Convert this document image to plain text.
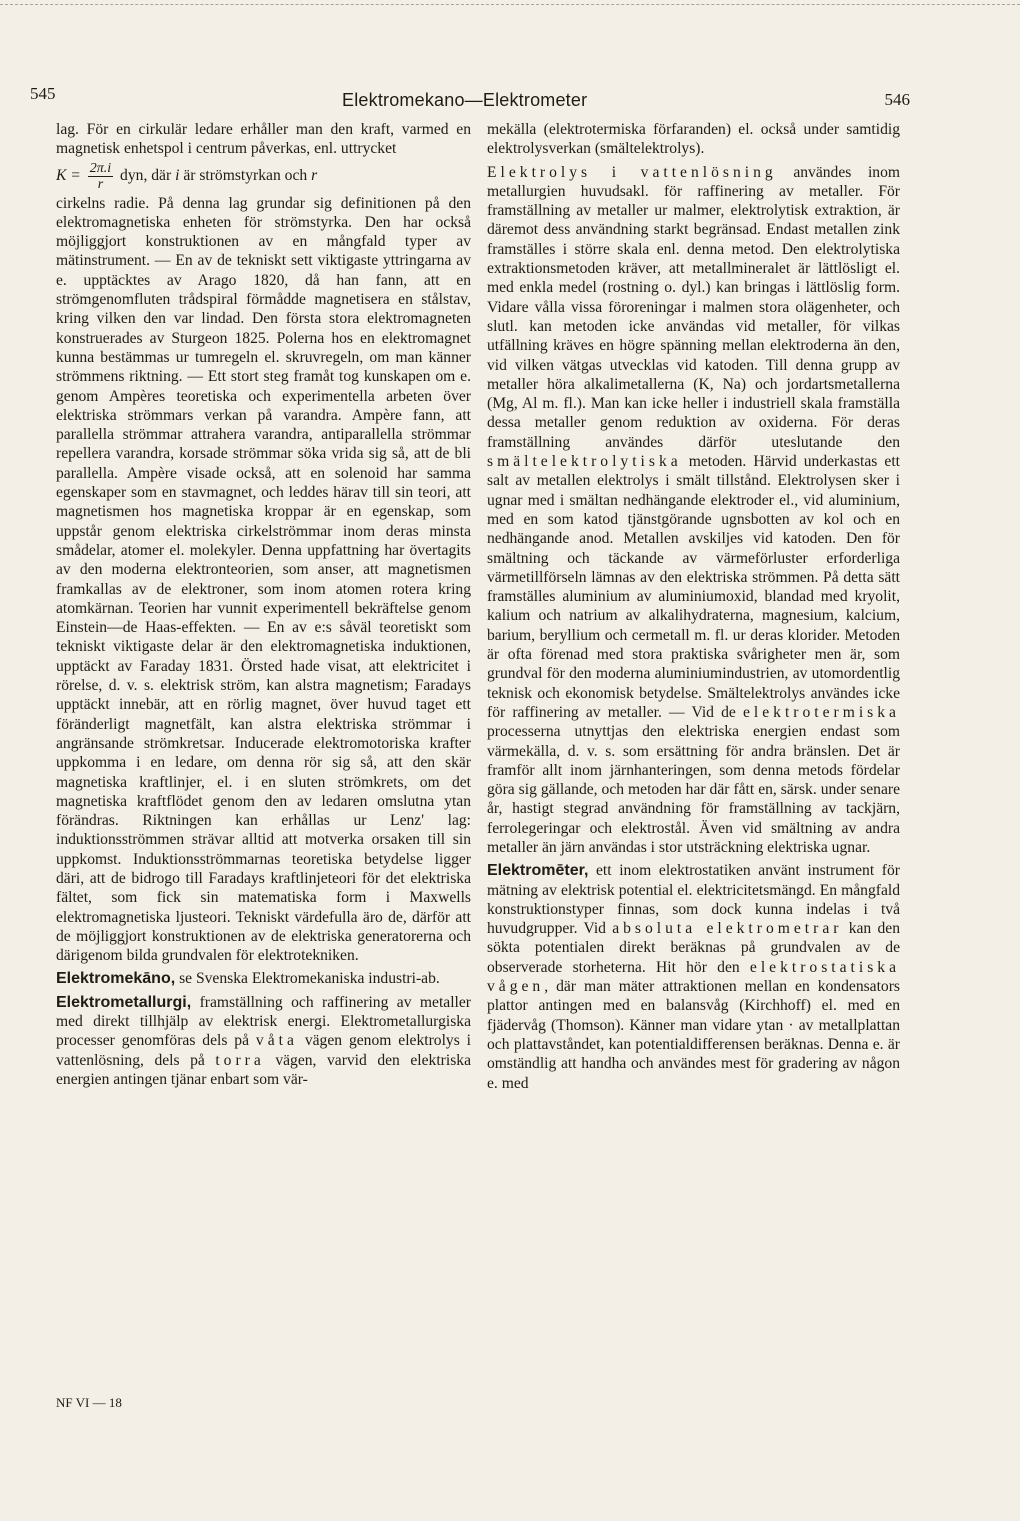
545	Elektromekano—Elektrometer	546

lag. För en cirkulär ledare erhåller man den kraft, varmed en magnetisk enhetspol i centrum påverkas, enl. uttrycket
$K = \frac{2\pi.i}{r}$ dyn, där i är strömstyrkan och r
cirkelns radie. På denna lag grundar sig definitionen på den elektromagnetiska enheten för strömstyrka. Den har också möjliggjort konstruktionen av en mångfald typer av mätinstrument. — En av de tekniskt sett viktigaste yttringarna av e. upptäcktes av Arago 1820, då han fann, att en strömgenomfluten trådspiral förmådde magnetisera en stålstav, kring vilken den var lindad. Den första stora elektromagneten konstruerades av Sturgeon 1825. Polerna hos en elektromagnet kunna bestämmas ur tumregeln el. skruvregeln, om man känner strömmens riktning. — Ett stort steg framåt tog kunskapen om e. genom Ampères teoretiska och experimentella arbeten över elektriska strömmars verkan på varandra. Ampère fann, att parallella strömmar attrahera varandra, antiparallella strömmar repellera varandra, korsade strömmar söka vrida sig så, att de bli parallella. Ampère visade också, att en solenoid har samma egenskaper som en stavmagnet, och leddes härav till sin teori, att magnetismen hos magnetiska kroppar är en egenskap, som uppstår genom elektriska cirkelströmmar inom deras minsta smådelar, atomer el. molekyler. Denna uppfattning har övertagits av den moderna elektronteorien, som anser, att magnetismen framkallas av de elektroner, som inom atomen rotera kring atomkärnan. Teorien har vunnit experimentell bekräftelse genom Einstein—de Haas-effekten. — En av e:s såväl teoretiskt som tekniskt viktigaste delar är den elektromagnetiska induktionen, upptäckt av Faraday 1831. Örsted hade visat, att elektricitet i rörelse, d. v. s. elektrisk ström, kan alstra magnetism; Faradays upptäckt innebär, att en rörlig magnet, över huvud taget ett föränderligt magnetfält, kan alstra elektriska strömmar i angränsande strömkretsar. Inducerade elektromotoriska krafter uppkomma i en ledare, om denna rör sig så, att den skär magnetiska kraftlinjer, el. i en sluten strömkrets, om det magnetiska kraftflödet genom den av ledaren omslutna ytan förändras. Riktningen kan erhållas ur Lenz' lag: induktionsströmmen strävar alltid att motverka orsaken till sin uppkomst. Induktionsströmmarnas teoretiska betydelse ligger däri, att de bidrogo till Faradays kraftlinjeteori för det elektriska fältet, som fick sin matematiska form i Maxwells elektromagnetiska ljusteori. Tekniskt värdefulla äro de, därför att de möjliggjort konstruktionen av de elektriska generatorerna och därigenom bilda grundvalen för elektrotekniken.

Elektromekāno, se Svenska Elektromekaniska industri-ab.

Elektrometallurgi, framställning och raffinering av metaller med direkt tillhjälp av elektrisk energi. Elektrometallurgiska processer genomföras dels på våta vägen genom elektrolys i vattenlösning, dels på torra vägen, varvid den elektriska energien antingen tjänar enbart som vär-

mekälla (elektrotermiska förfaranden) el. också under samtidig elektrolysverkan (smältelektrolys).

Elektrolys i vattenlösning användes inom metallurgien huvudsakl. för raffinering av metaller. För framställning av metaller ur malmer, elektrolytisk extraktion, är däremot dess användning starkt begränsad. Endast metallen zink framställes i större skala enl. denna metod. Den elektrolytiska extraktionsmetoden kräver, att metallmineralet är lättlösligt el. med enkla medel (rostning o. dyl.) kan bringas i lättlöslig form. Vidare vålla vissa föroreningar i malmen stora olägenheter, och slutl. kan metoden icke användas vid metaller, för vilkas utfällning kräves en högre spänning mellan elektroderna än den, vid vilken vätgas utvecklas vid katoden. Till denna grupp av metaller höra alkalimetallerna (K, Na) och jordartsmetallerna (Mg, Al m. fl.). Man kan icke heller i industriell skala framställa dessa metaller genom reduktion av oxiderna. För deras framställning användes därför uteslutande den smältelektrolytiska metoden. Härvid underkastas ett salt av metallen elektrolys i smält tillstånd. Elektrolysen sker i ugnar med i smältan nedhängande elektroder el., vid aluminium, med en som katod tjänstgörande ugnsbotten av kol och en nedhängande anod. Metallen avskiljes vid katoden. Den för smältning och täckande av värmeförluster erforderliga värmetillförseln lämnas av den elektriska strömmen. På detta sätt framställes aluminium av aluminiumoxid, blandad med kryolit, kalium och natrium av alkalihydraterna, magnesium, kalcium, barium, beryllium och cermetall m. fl. ur deras klorider. Metoden är ofta förenad med stora praktiska svårigheter men är, som grundval för den moderna aluminiumindustrien, av utomordentlig teknisk och ekonomisk betydelse. Smältelektrolys användes icke för raffinering av metaller. — Vid de elektrotermiska processerna utnyttjas den elektriska energien endast som värmekälla, d. v. s. som ersättning för andra bränslen. Det är framför allt inom järnhanteringen, som denna metods fördelar göra sig gällande, och metoden har där fått en, särsk. under senare år, hastigt stegrad användning för framställning av tackjärn, ferrolegeringar och elektrostål. Även vid smältning av andra metaller än järn användas i stor utsträckning elektriska ugnar.

Elektromēter, ett inom elektrostatiken använt instrument för mätning av elektrisk potential el. elektricitetsmängd. En mångfald konstruktionstyper finnas, som dock kunna indelas i två huvudgrupper. Vid absoluta elektrometrar kan den sökta potentialen direkt beräknas på grundvalen av de observerade storheterna. Hit hör den elektrostatiska vågen, där man mäter attraktionen mellan en kondensators plattor antingen med en balansvåg (Kirchhoff) el. med en fjädervåg (Thomson). Känner man vidare ytan · av metallplattan och plattavståndet, kan potentialdifferensen beräknas. Denna e. är omständlig att handha och användes mest för gradering av någon e. med

NF VI — 18
